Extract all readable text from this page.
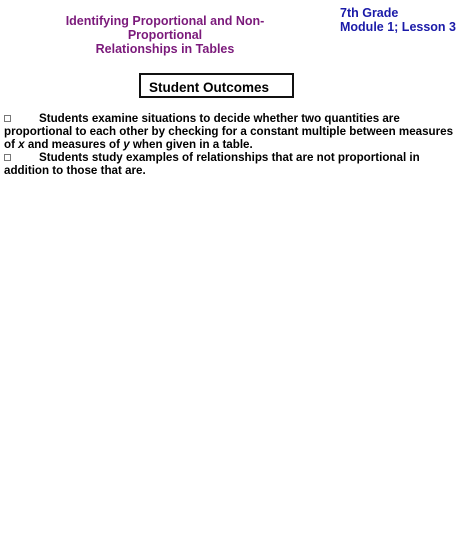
Identifying Proportional and Non-Proportional
Relationships in Tables
7th Grade
Module 1; Lesson 3
Student Outcomes

Students examine situations to decide whether two quantities are proportional to each other by checking for a constant multiple between measures of x and measures of y when given in a table.

Students study examples of relationships that are not proportional in addition to those that are.
